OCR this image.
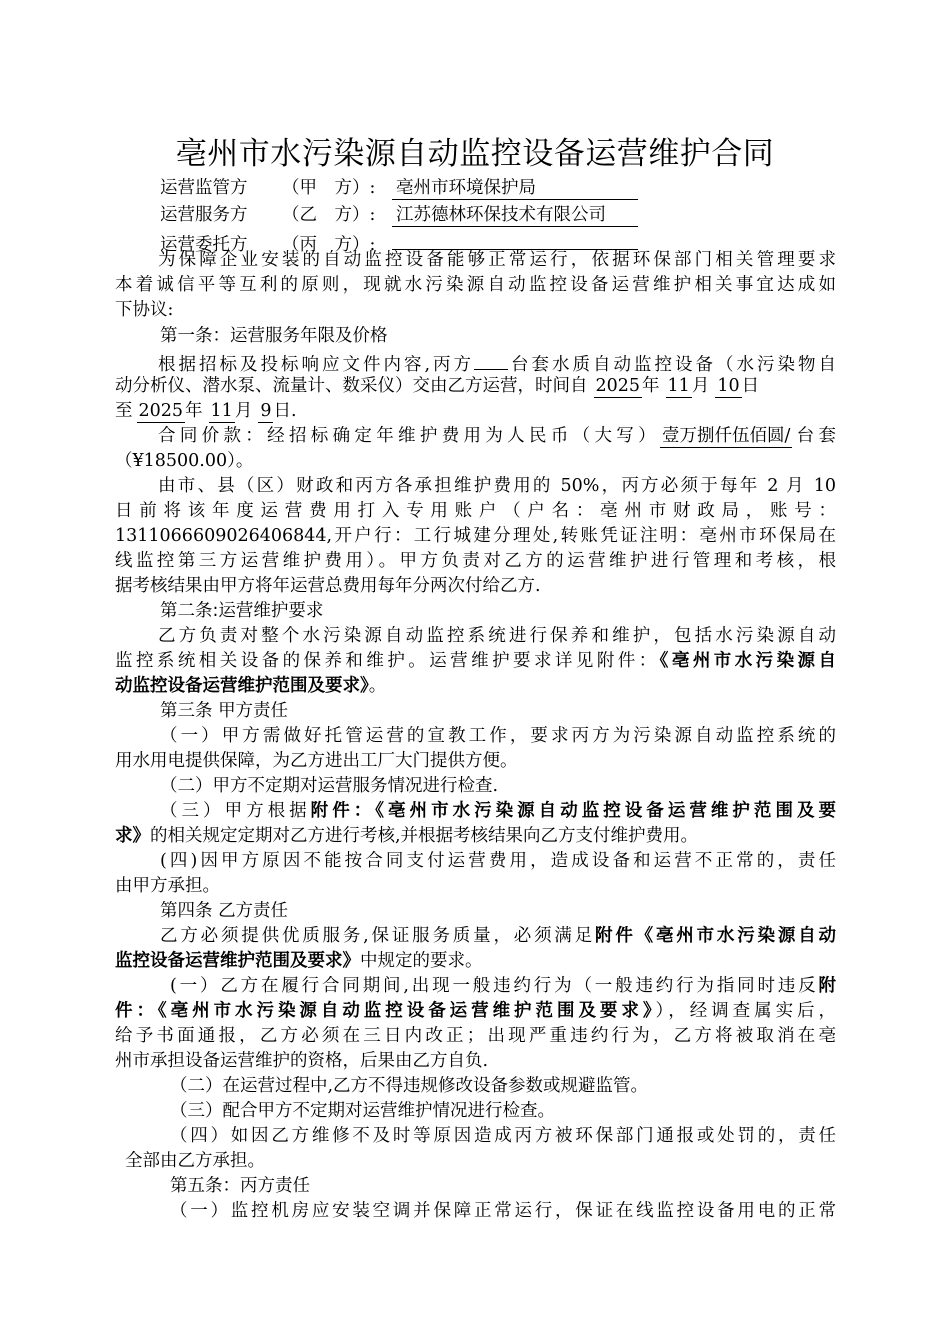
亳州市水污染源自动监控设备运营维护合同
运营监管方 （甲　方）: 亳州市环境保护局
运营服务方 （乙　方）: 江苏德林环保技术有限公司
运营委托方 （丙　方）:
为保障企业安装的自动监控设备能够正常运行，依据环保部门相关管理要求
本着诚信平等互利的原则，现就水污染源自动监控设备运营维护相关事宜达成如
下协议:
第一条：运营服务年限及价格
根据招标及投标响应文件内容,丙方 台套水质自动监控设备（水污染物自
动分析仪、潜水泵、流量计、数采仪）交由乙方运营，时间自 2025 年 11 月 10 日
至 2025 年 11 月 9 日.
合同价款：经招标确定年维护费用为人民币（大写） 壹万捌仟伍佰圆/ 台套
（¥18500.00）。
由市、县（区）财政和丙方各承担维护费用的 50%，丙方必须于每年 2 月 10
日前将该年度运营费用打入专用账户（户名：亳州市财政局，账号：
1311066609026406844,开户行：工行城建分理处,转账凭证注明：亳州市环保局在
线监控第三方运营维护费用）。甲方负责对乙方的运营维护进行管理和考核，根
据考核结果由甲方将年运营总费用每年分两次付给乙方.
第二条:运营维护要求
乙方负责对整个水污染源自动监控系统进行保养和维护，包括水污染源自动
监控系统相关设备的保养和维护。运营维护要求详见附件：《亳州市水污染源自
动监控设备运营维护范围及要求》。
第三条 甲方责任
（一）甲方需做好托管运营的宣教工作，要求丙方为污染源自动监控系统的
用水用电提供保障，为乙方进出工厂大门提供方便。
（二）甲方不定期对运营服务情况进行检查.
（三）甲方根据附件：《亳州市水污染源自动监控设备运营维护范围及要
求》的相关规定定期对乙方进行考核,并根据考核结果向乙方支付维护费用。
(四)因甲方原因不能按合同支付运营费用，造成设备和运营不正常的，责任
由甲方承担。
第四条 乙方责任
乙方必须提供优质服务,保证服务质量，必须满足附件《亳州市水污染源自动
监控设备运营维护范围及要求》中规定的要求。
(一）乙方在履行合同期间,出现一般违约行为（一般违约行为指同时违反附
件：《亳州市水污染源自动监控设备运营维护范围及要求》），经调查属实后，
给予书面通报，乙方必须在三日内改正；出现严重违约行为，乙方将被取消在亳
州市承担设备运营维护的资格，后果由乙方自负.
（二）在运营过程中,乙方不得违规修改设备参数或规避监管。
（三）配合甲方不定期对运营维护情况进行检查。
（四）如因乙方维修不及时等原因造成丙方被环保部门通报或处罚的，责任
全部由乙方承担。
第五条：丙方责任
（一）监控机房应安装空调并保障正常运行，保证在线监控设备用电的正常
